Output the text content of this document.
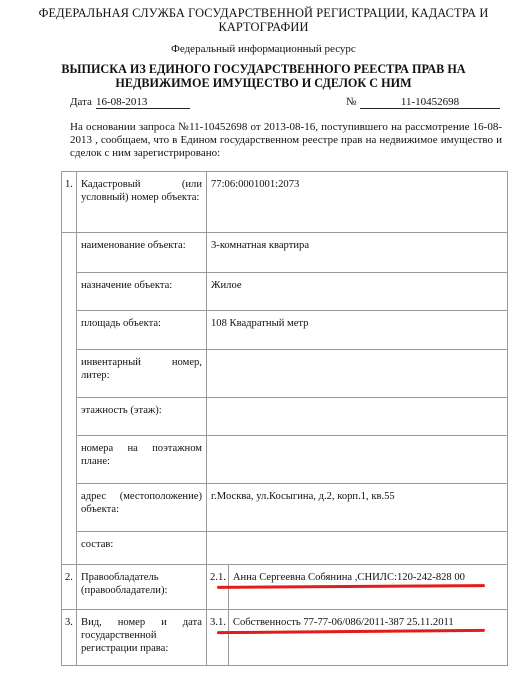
ФЕДЕРАЛЬНАЯ СЛУЖБА ГОСУДАРСТВЕННОЙ РЕГИСТРАЦИИ, КАДАСТРА И
КАРТОГРАФИИ
Федеральный информационный ресурс
ВЫПИСКА ИЗ ЕДИНОГО ГОСУДАРСТВЕННОГО РЕЕСТРА ПРАВ НА
НЕДВИЖИМОЕ ИМУЩЕСТВО И СДЕЛОК С НИМ
Дата 16-08-2013	№	11-10452698
На основании запроса №11-10452698 от 2013-08-16, поступившего на рассмотрение 16-08-2013 , сообщаем, что в Едином государственном реестре прав на недвижимое имущество и сделок с ним зарегистрировано:
1.	Кадастровый (или условный) номер объекта:	77:06:0001001:2073	
	наименование объекта:	3-комнатная квартира	
	назначение объекта:	Жилое	
	площадь объекта:	108 Квадратный метр	
	инвентарный номер, литер:		
	этажность (этаж):		
	номера на поэтажном плане:		
	адрес (местоположение) объекта:	г.Москва, ул.Косыгина, д.2, корп.1, кв.55	
	состав:		
2.	Правообладатель (правообладатели):	2.1.	Анна Сергеевна Собянина ,СНИЛС:120-242-828 00
3.	Вид, номер и дата государственной регистрации права:	3.1.	Собственность 77-77-06/086/2011-387 25.11.2011
